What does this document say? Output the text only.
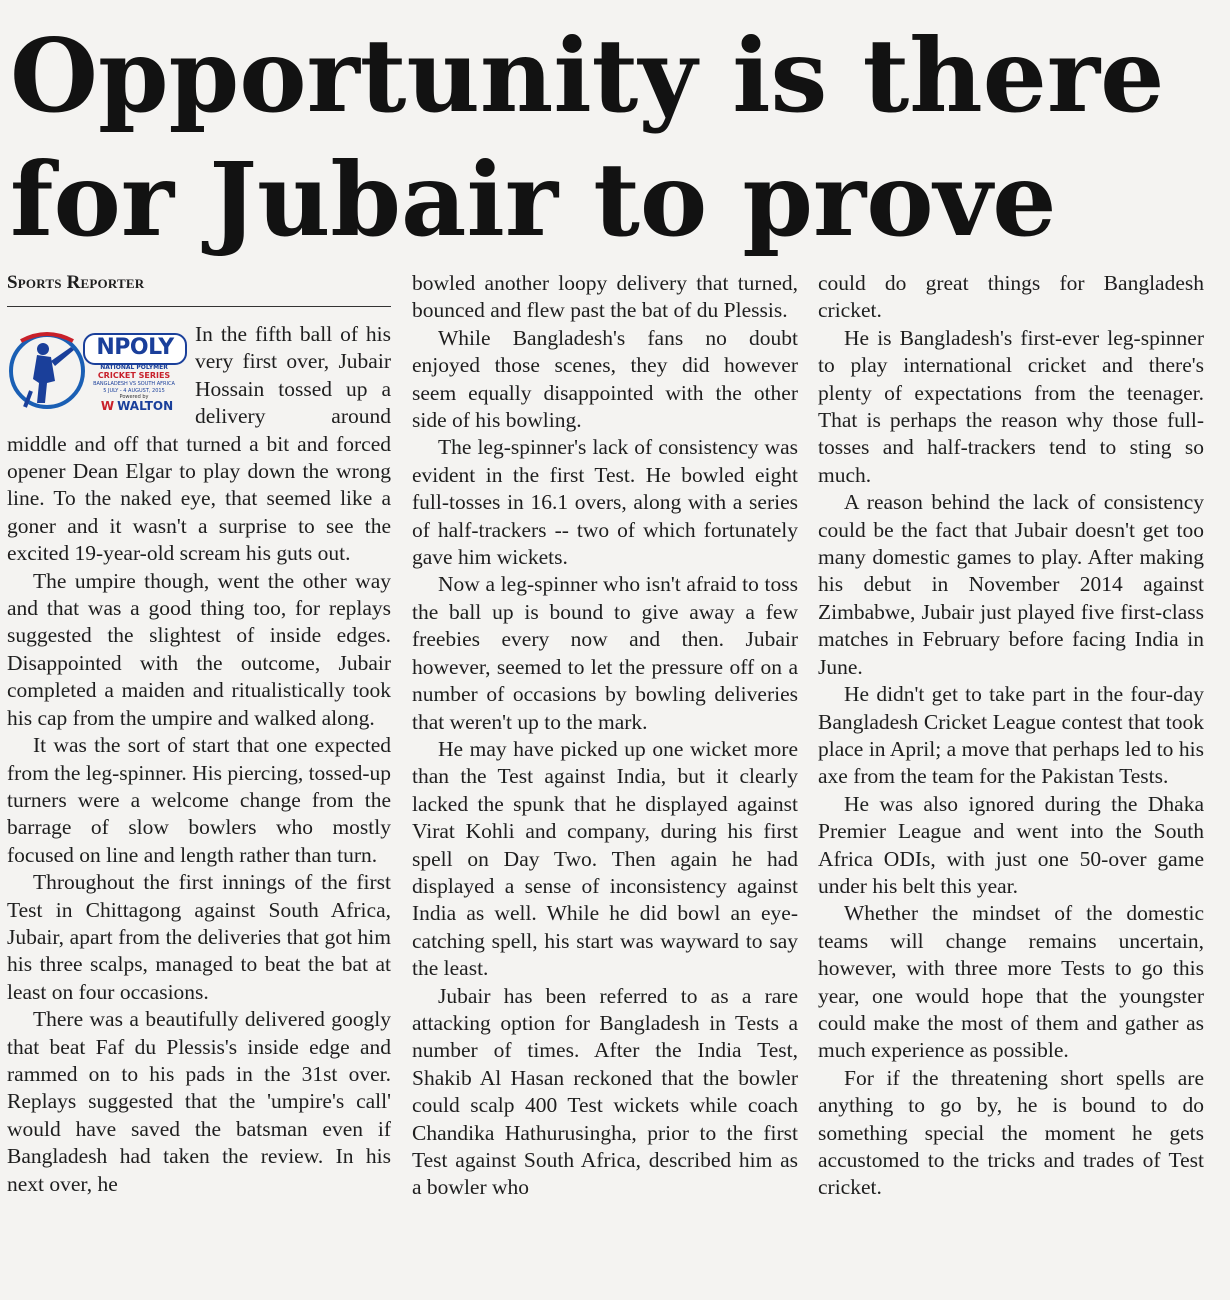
Opportunity is there
for Jubair to prove
Sports Reporter
NPOLY
NATIONAL POLYMER
CRICKET SERIES
BANGLADESH VS SOUTH AFRICA
5 JULY - 4 AUGUST, 2015
Powered by
W WALTON

In the fifth ball of his very first over, Jubair Hossain tossed up a delivery around middle and off that turned a bit and forced opener Dean Elgar to play down the wrong line. To the naked eye, that seemed like a goner and it wasn't a surprise to see the excited 19-year-old scream his guts out.

The umpire though, went the other way and that was a good thing too, for replays suggested the slightest of inside edges. Disappointed with the outcome, Jubair completed a maiden and ritualistically took his cap from the umpire and walked along.

It was the sort of start that one expected from the leg-spinner. His piercing, tossed-up turners were a welcome change from the barrage of slow bowlers who mostly focused on line and length rather than turn.

Throughout the first innings of the first Test in Chittagong against South Africa, Jubair, apart from the deliveries that got him his three scalps, managed to beat the bat at least on four occasions.

There was a beautifully delivered googly that beat Faf du Plessis's inside edge and rammed on to his pads in the 31st over. Replays suggested that the 'umpire's call' would have saved the batsman even if Bangladesh had taken the review. In his next over, he

bowled another loopy delivery that turned, bounced and flew past the bat of du Plessis.

While Bangladesh's fans no doubt enjoyed those scenes, they did however seem equally disappointed with the other side of his bowling.

The leg-spinner's lack of consistency was evident in the first Test. He bowled eight full-tosses in 16.1 overs, along with a series of half-trackers -- two of which fortunately gave him wickets.

Now a leg-spinner who isn't afraid to toss the ball up is bound to give away a few freebies every now and then. Jubair however, seemed to let the pressure off on a number of occasions by bowling deliveries that weren't up to the mark.

He may have picked up one wicket more than the Test against India, but it clearly lacked the spunk that he displayed against Virat Kohli and company, during his first spell on Day Two. Then again he had displayed a sense of inconsistency against India as well. While he did bowl an eye-catching spell, his start was wayward to say the least.

Jubair has been referred to as a rare attacking option for Bangladesh in Tests a number of times. After the India Test, Shakib Al Hasan reckoned that the bowler could scalp 400 Test wickets while coach Chandika Hathurusingha, prior to the first Test against South Africa, described him as a bowler who

could do great things for Bangladesh cricket.

He is Bangladesh's first-ever leg-spinner to play international cricket and there's plenty of expectations from the teenager. That is perhaps the reason why those full-tosses and half-trackers tend to sting so much.

A reason behind the lack of consistency could be the fact that Jubair doesn't get too many domestic games to play. After making his debut in November 2014 against Zimbabwe, Jubair just played five first-class matches in February before facing India in June.

He didn't get to take part in the four-day Bangladesh Cricket League contest that took place in April; a move that perhaps led to his axe from the team for the Pakistan Tests.

He was also ignored during the Dhaka Premier League and went into the South Africa ODIs, with just one 50-over game under his belt this year.

Whether the mindset of the domestic teams will change remains uncertain, however, with three more Tests to go this year, one would hope that the youngster could make the most of them and gather as much experience as possible.

For if the threatening short spells are anything to go by, he is bound to do something special the moment he gets accustomed to the tricks and trades of Test cricket.
